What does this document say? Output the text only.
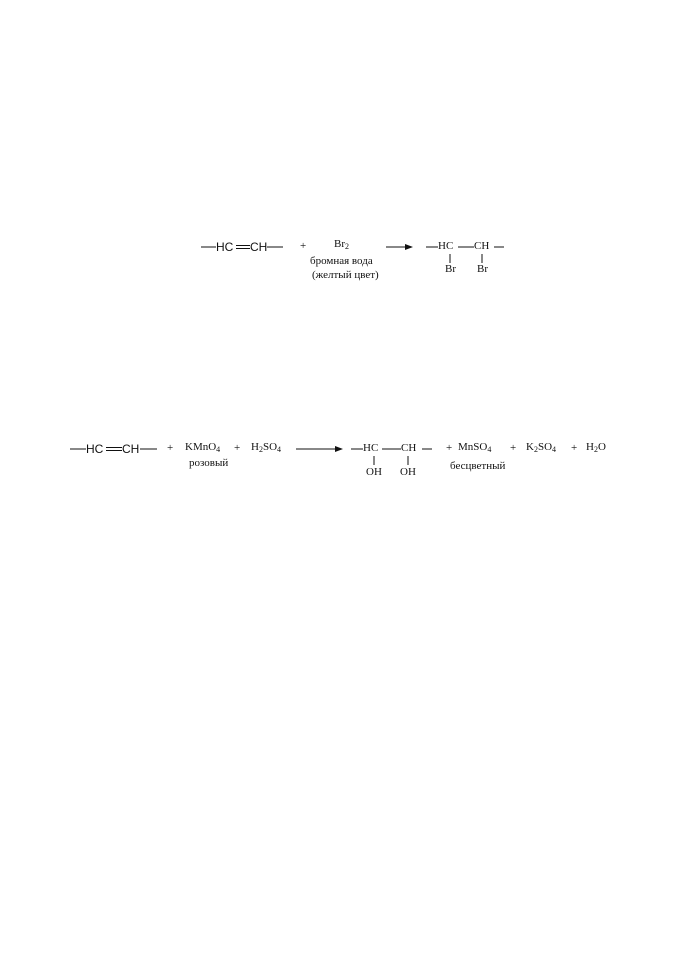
HC CH	+	$Br_2$
бромная вода
(желтый цвет)
HC CH
Br Br
HC CH	+ KMnO$_4$
розовый
+ $H_2SO_4$	HC CH
OH OH
+ MnSO$_4$
бесцветный
+ $K_2SO_4 + H_2O$
